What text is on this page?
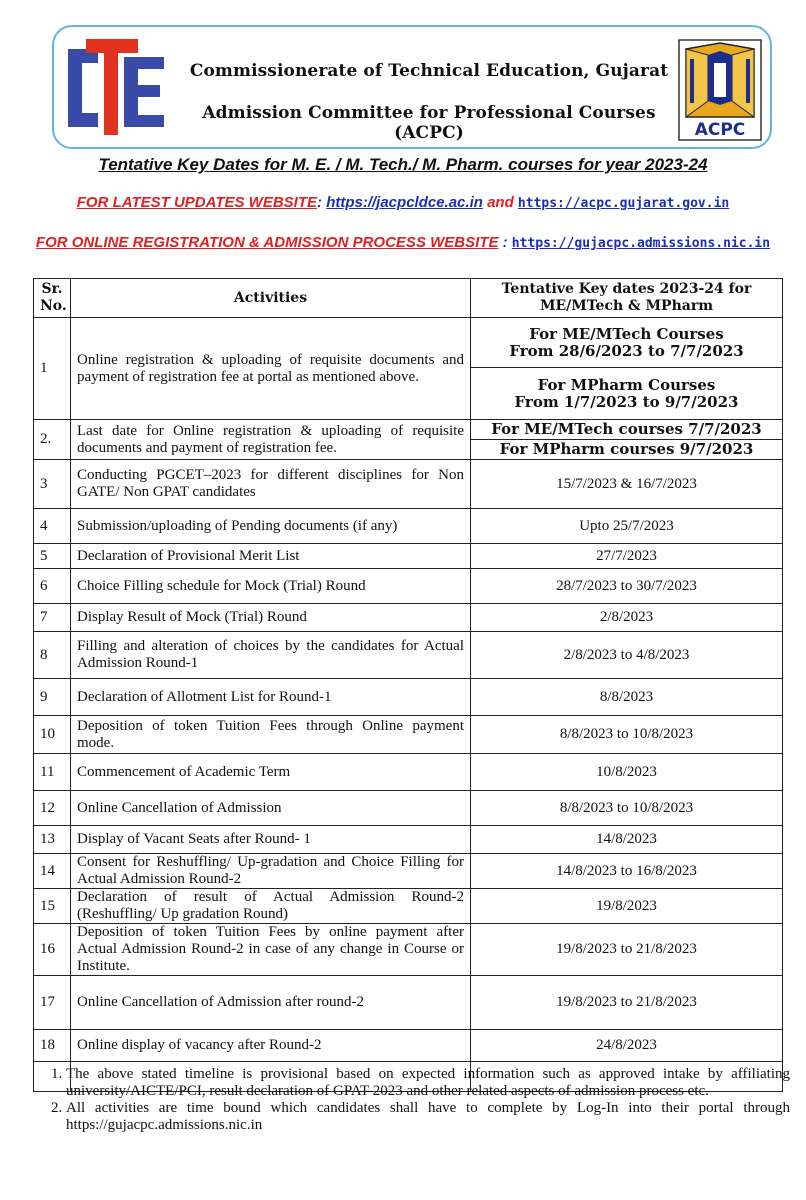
CTE
Commissionerate of Technical Education, Gujarat
Admission Committee for Professional Courses (ACPC)	ACPC
Tentative Key Dates for M. E. / M. Tech./ M. Pharm. courses for year 2023-24
FOR LATEST UPDATES WEBSITE: https://jacpcldce.ac.in and https://acpc.gujarat.gov.in
FOR ONLINE REGISTRATION & ADMISSION PROCESS WEBSITE : https://gujacpc.admissions.nic.in
Sr. No.	Activities	Tentative Key dates 2023-24 for ME/MTech & MPharm
1	Online registration & uploading of requisite documents and payment of registration fee at portal as mentioned above.	For ME/MTech Courses
From 28/6/2023 to 7/7/2023

		For MPharm Courses
From 1/7/2023 to 9/7/2023

2.	Last date for Online registration & uploading of requisite documents and payment of registration fee.	For ME/MTech courses 7/7/2023
		For MPharm courses 9/7/2023
3	Conducting PGCET–2023 for different disciplines for Non GATE/ Non GPAT candidates	15/7/2023 & 16/7/2023
4	Submission/uploading of Pending documents (if any)	Upto 25/7/2023
5	Declaration of Provisional Merit List	27/7/2023
6	Choice Filling schedule for Mock (Trial) Round	28/7/2023 to 30/7/2023
7	Display Result of Mock (Trial) Round	2/8/2023
8	Filling and alteration of choices by the candidates for Actual Admission Round-1	2/8/2023 to 4/8/2023
9	Declaration of Allotment List for Round-1	8/8/2023
10	Deposition of token Tuition Fees through Online payment mode.	8/8/2023 to 10/8/2023
11	Commencement of Academic Term	10/8/2023
12	Online Cancellation of Admission	8/8/2023 to 10/8/2023
13	Display of Vacant Seats after Round- 1	14/8/2023
14	Consent for Reshuffling/ Up-gradation and Choice Filling for Actual Admission Round-2	14/8/2023 to 16/8/2023
15	Declaration of result of Actual Admission Round-2 (Reshuffling/ Up gradation Round)	19/8/2023
16	Deposition of token Tuition Fees by online payment after Actual Admission Round-2 in case of any change in Course or Institute.	19/8/2023 to 21/8/2023
17	Online Cancellation of Admission after round-2	19/8/2023 to 21/8/2023
18	Online display of vacancy after Round-2	24/8/2023

1. The above stated timeline is provisional based on expected information such as approved intake by affiliating university/AICTE/PCI, result declaration of GPAT-2023 and other related aspects of admission process etc.
2. All activities are time bound which candidates shall have to complete by Log-In into their portal through https://gujacpc.admissions.nic.in
